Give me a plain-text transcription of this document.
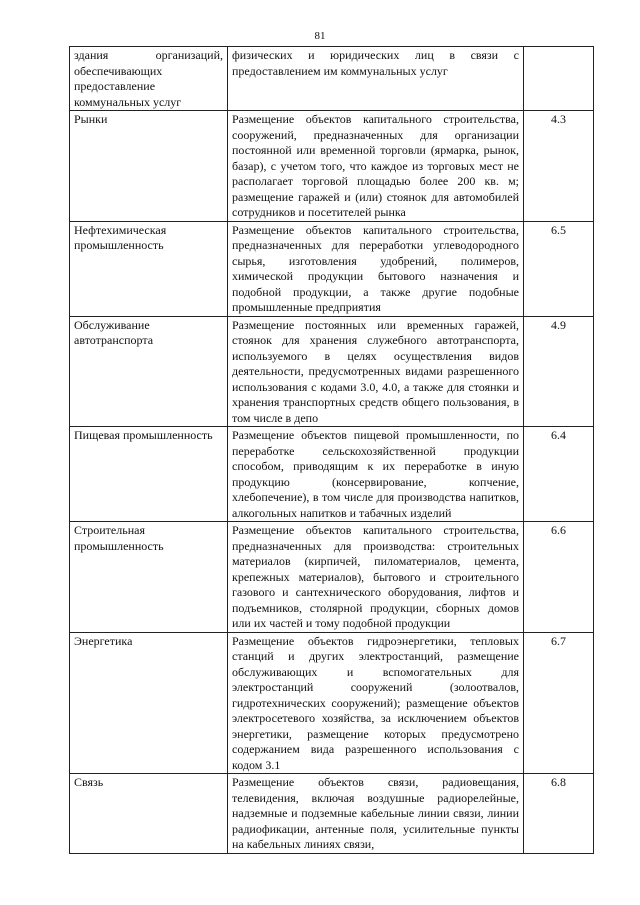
81
здания организаций, обеспечивающих предоставление коммунальных услуг	физических и юридических лиц в связи с предоставлением им коммунальных услуг	
Рынки	Размещение объектов капитального строительства, сооружений, предназначенных для организации постоянной или временной торговли (ярмарка, рынок, базар), с учетом того, что каждое из торговых мест не располагает торговой площадью более 200 кв. м; размещение гаражей и (или) стоянок для автомобилей сотрудников и посетителей рынка	4.3
Нефтехимическая промышленность	Размещение объектов капитального строительства, предназначенных для переработки углеводородного сырья, изготовления удобрений, полимеров, химической продукции бытового назначения и подобной продукции, а также другие подобные промышленные предприятия	6.5
Обслуживание автотранспорта	Размещение постоянных или временных гаражей, стоянок для хранения служебного автотранспорта, используемого в целях осуществления видов деятельности, предусмотренных видами разрешенного использования с кодами 3.0, 4.0, а также для стоянки и хранения транспортных средств общего пользования, в том числе в депо	4.9
Пищевая промышленность	Размещение объектов пищевой промышленности, по переработке сельскохозяйственной продукции способом, приводящим к их переработке в иную продукцию (консервирование, копчение, хлебопечение), в том числе для производства напитков, алкогольных напитков и табачных изделий	6.4
Строительная промышленность	Размещение объектов капитального строительства, предназначенных для производства: строительных материалов (кирпичей, пиломатериалов, цемента, крепежных материалов), бытового и строительного газового и сантехнического оборудования, лифтов и подъемников, столярной продукции, сборных домов или их частей и тому подобной продукции	6.6
Энергетика	Размещение объектов гидроэнергетики, тепловых станций и других электростанций, размещение обслуживающих и вспомогательных для электростанций сооружений (золоотвалов, гидротехнических сооружений); размещение объектов электросетевого хозяйства, за исключением объектов энергетики, размещение которых предусмотрено содержанием вида разрешенного использования с кодом 3.1	6.7
Связь	Размещение объектов связи, радиовещания, телевидения, включая воздушные радиорелейные, надземные и подземные кабельные линии связи, линии радиофикации, антенные поля, усилительные пункты на кабельных линиях связи,	6.8
